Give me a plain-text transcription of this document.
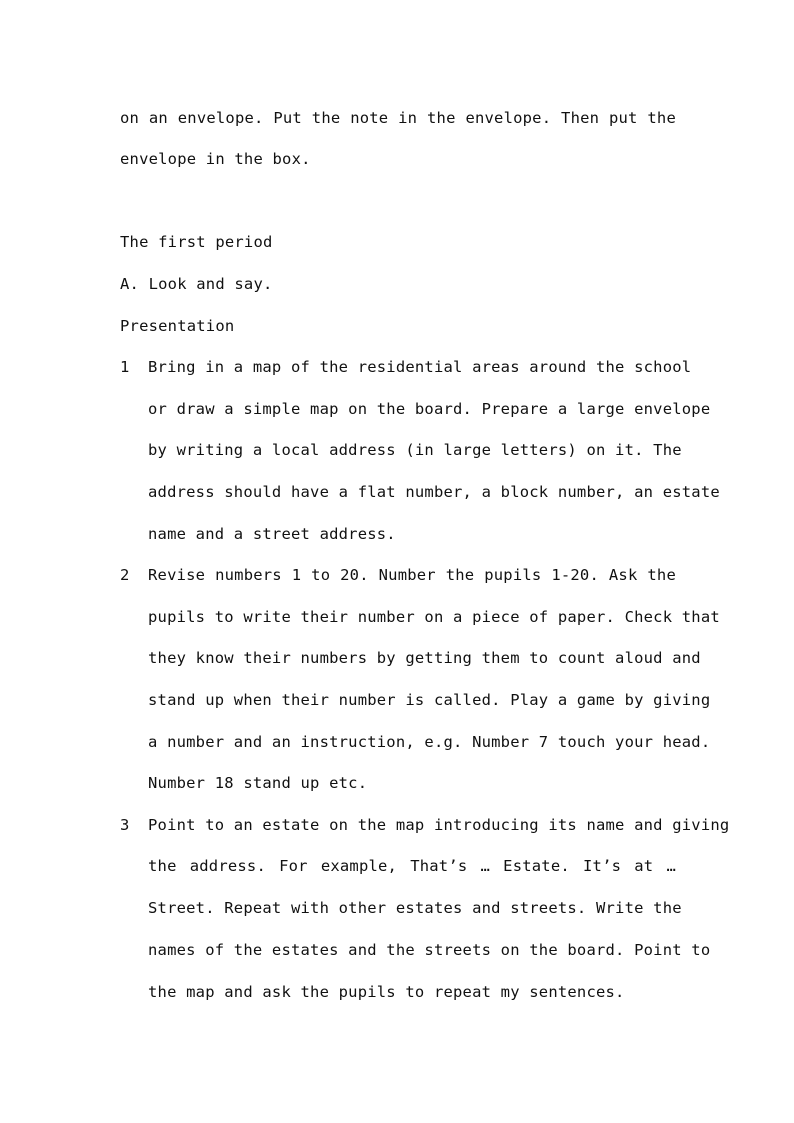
on an envelope. Put the note in the envelope. Then put the
envelope in the box.
The first period
A. Look and say.
Presentation
1	Bring in a map of the residential areas around the school
or draw a simple map on the board. Prepare a large envelope
by writing a local address (in large letters) on it. The
address should have a flat number, a block number, an estate
name and a street address.
2	Revise numbers 1 to 20. Number the pupils 1-20. Ask the
pupils to write their number on a piece of paper. Check that
they know their numbers by getting them to count aloud and
stand up when their number is called. Play a game by giving
a number and an instruction, e.g. Number 7 touch your head.
Number 18 stand up etc.
3	Point to an estate on the map introducing its name and giving
the address. For example, That’s … Estate. It’s at …
Street. Repeat with other estates and streets. Write the
names of the estates and the streets on the board. Point to
the map and ask the pupils to repeat my sentences.
